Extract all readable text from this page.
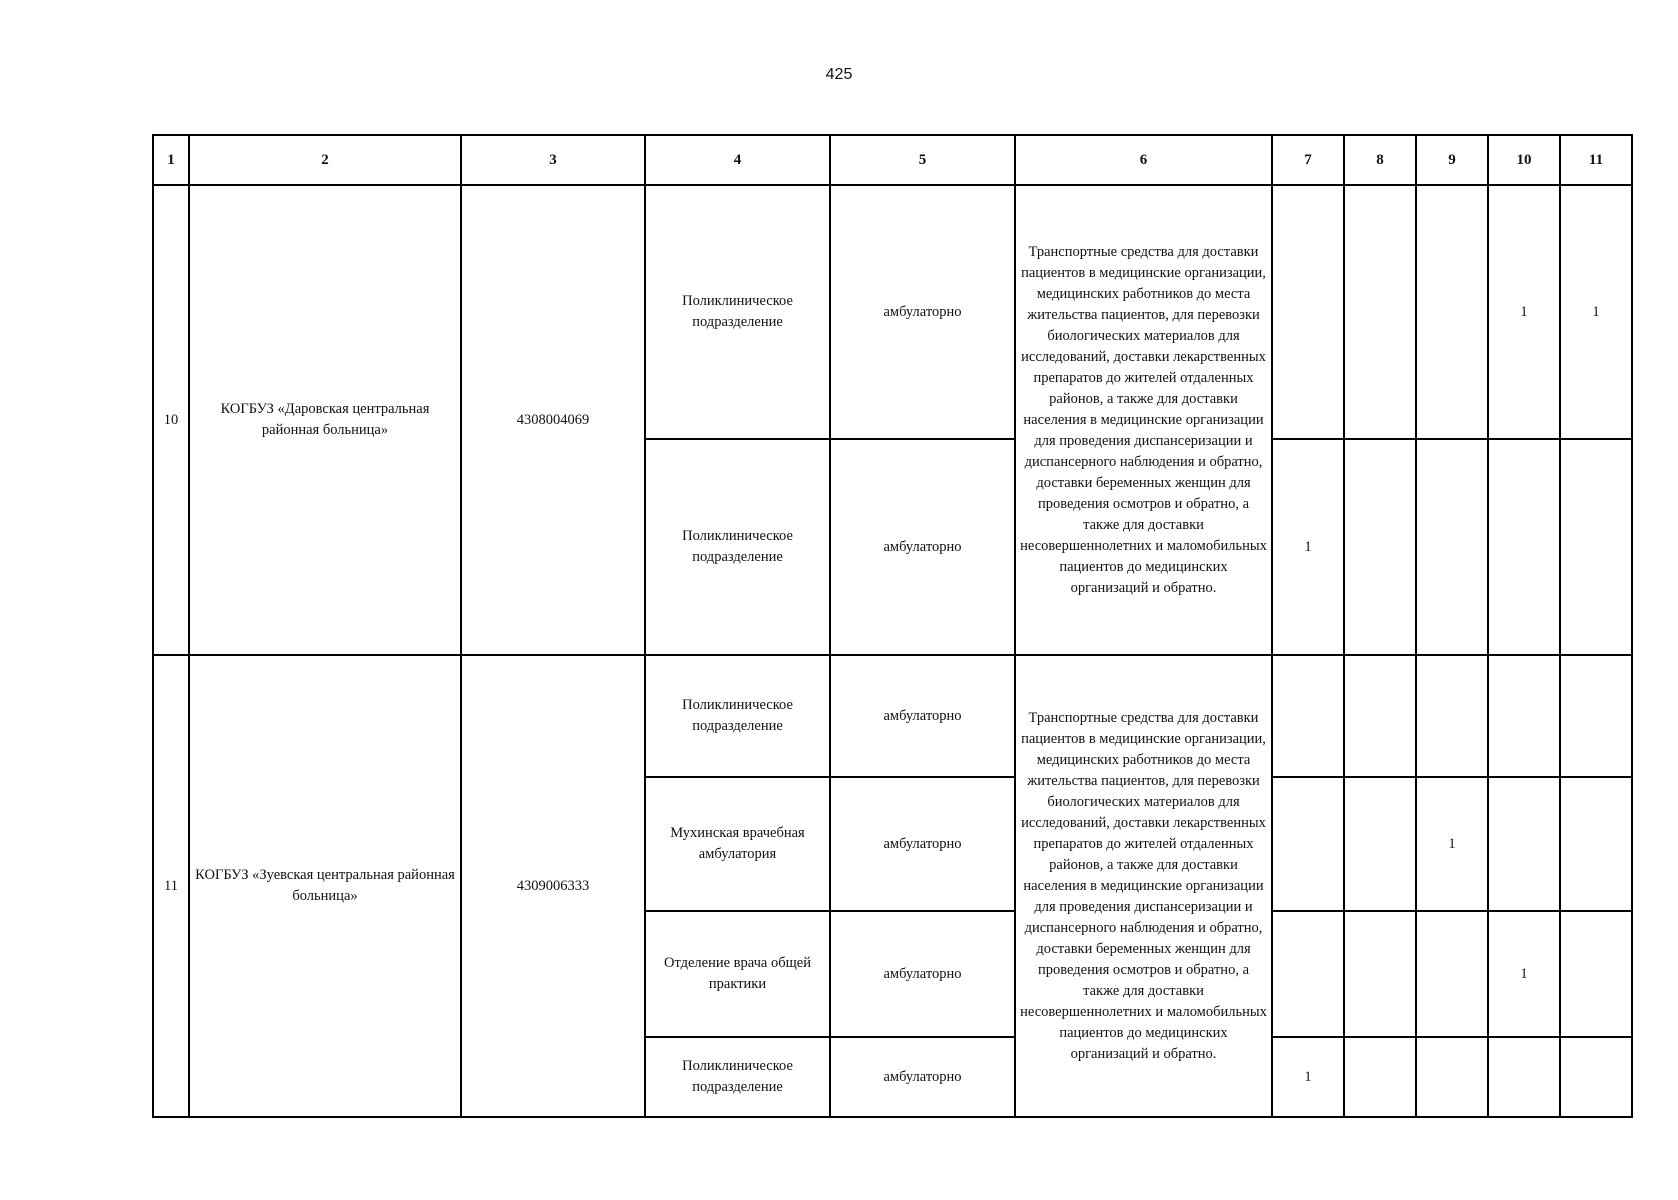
425
1	2	3	4	5	6	7	8	9	10	11
10	КОГБУЗ «Даровская центральная районная больница»	4308004069	Поликлиническое подразделение	амбулаторно	Транспортные средства для доставки пациентов в медицинские организации, медицинских работников до места жительства пациентов, для перевозки биологических материалов для исследований, доставки лекарственных препаратов до жителей отдаленных районов, а также для доставки населения в медицинские организации для проведения диспансеризации и диспансерного наблюдения и обратно, доставки беременных женщин для проведения осмотров и обратно, а также для доставки несовершеннолетних и маломобильных пациентов до медицинских организаций и обратно.				1	1
			Поликлиническое подразделение	амбулаторно		1				
11	КОГБУЗ «Зуевская центральная районная больница»	4309006333	Поликлиническое подразделение	амбулаторно	Транспортные средства для доставки пациентов в медицинские организации, медицинских работников до места жительства пациентов, для перевозки биологических материалов для исследований, доставки лекарственных препаратов до жителей отдаленных районов, а также для доставки населения в медицинские организации для проведения диспансеризации и диспансерного наблюдения и обратно, доставки беременных женщин для проведения осмотров и обратно, а также для доставки несовершеннолетних и маломобильных пациентов до медицинских организаций и обратно.					
			Мухинская врачебная амбулатория	амбулаторно				1		
			Отделение врача общей практики	амбулаторно					1	
			Поликлиническое подразделение	амбулаторно		1				
